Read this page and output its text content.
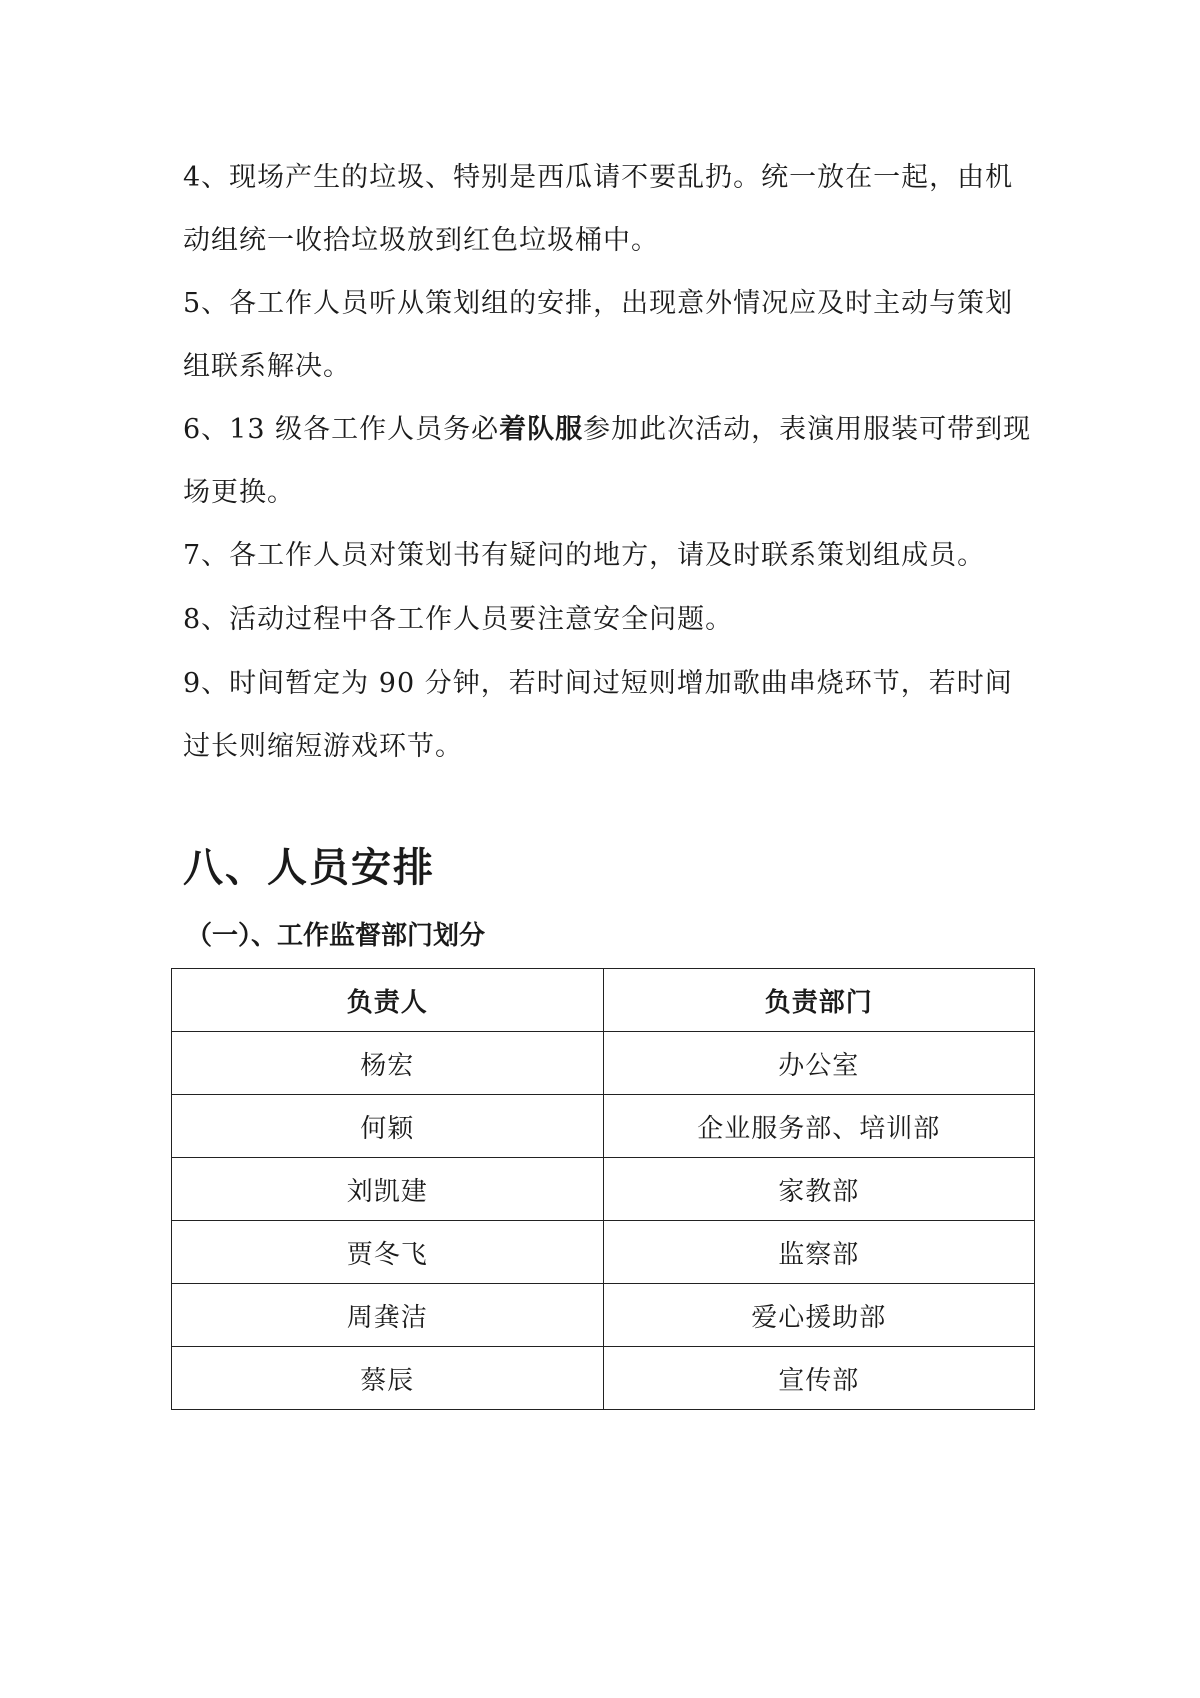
4、现场产生的垃圾、特别是西瓜请不要乱扔。统一放在一起，由机动组统一收拾垃圾放到红色垃圾桶中。

5、各工作人员听从策划组的安排，出现意外情况应及时主动与策划组联系解决。

6、13 级各工作人员务必着队服参加此次活动，表演用服装可带到现场更换。

7、各工作人员对策划书有疑问的地方，请及时联系策划组成员。

8、活动过程中各工作人员要注意安全问题。

9、时间暂定为 90 分钟，若时间过短则增加歌曲串烧环节，若时间过长则缩短游戏环节。

八、人员安排
（一）、工作监督部门划分
负责人	负责部门
杨宏	办公室
何颖	企业服务部、培训部
刘凯建	家教部
贾冬飞	监察部
周龚洁	爱心援助部
蔡辰	宣传部
